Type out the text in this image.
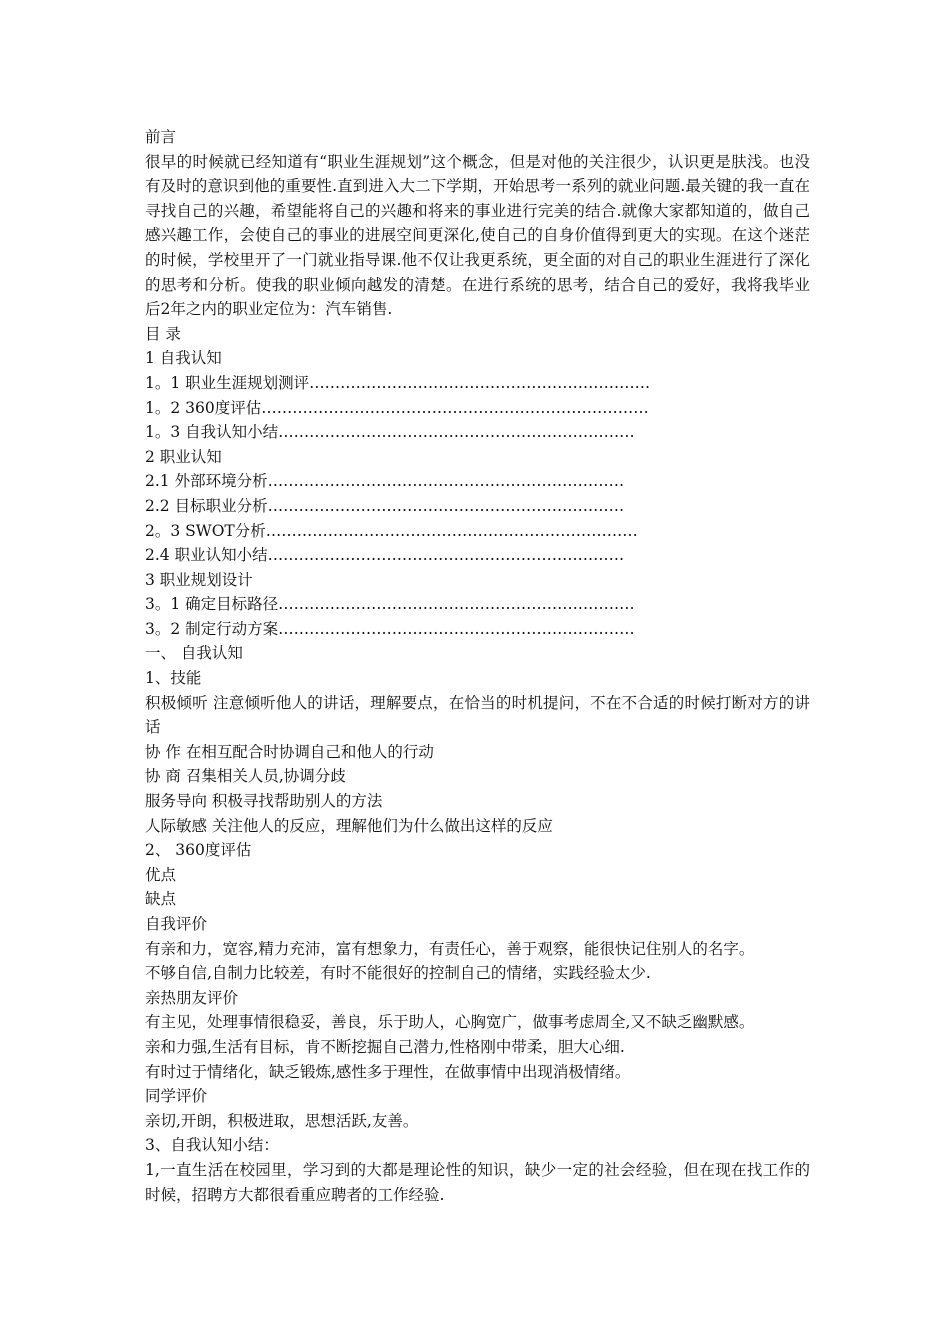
前言

很早的时候就已经知道有“职业生涯规划”这个概念，但是对他的关注很少，认识更是肤浅。也没有及时的意识到他的重要性.直到进入大二下学期，开始思考一系列的就业问题.最关键的我一直在寻找自己的兴趣，希望能将自己的兴趣和将来的事业进行完美的结合.就像大家都知道的，做自己感兴趣工作，会使自己的事业的进展空间更深化,使自己的自身价值得到更大的实现。在这个迷茫的时候，学校里开了一门就业指导课.他不仅让我更系统，更全面的对自己的职业生涯进行了深化的思考和分析。使我的职业倾向越发的清楚。在进行系统的思考，结合自己的爱好，我将我毕业后2年之内的职业定位为：汽车销售.

目 录

1 自我认知

1。1 职业生涯规划测评…………………………………………………………

1。2 360度评估…………………………………………………………………

1。3 自我认知小结……………………………………………………………

2 职业认知

2.1 外部环境分析……………………………………………………………

2.2 目标职业分析……………………………………………………………

2。3 SWOT分析………………………………………………………………

2.4 职业认知小结……………………………………………………………

3 职业规划设计

3。1 确定目标路径……………………………………………………………

3。2 制定行动方案……………………………………………………………

一、 自我认知

1、技能

积极倾听 注意倾听他人的讲话，理解要点，在恰当的时机提问，不在不合适的时候打断对方的讲话

协 作 在相互配合时协调自己和他人的行动

协 商 召集相关人员,协调分歧

服务导向 积极寻找帮助别人的方法

人际敏感 关注他人的反应，理解他们为什么做出这样的反应

2、 360度评估

优点

缺点

自我评价

有亲和力，宽容,精力充沛，富有想象力，有责任心，善于观察，能很快记住别人的名字。

不够自信,自制力比较差，有时不能很好的控制自己的情绪，实践经验太少.

亲热朋友评价

有主见，处理事情很稳妥，善良，乐于助人，心胸宽广，做事考虑周全,又不缺乏幽默感。

亲和力强,生活有目标，肯不断挖掘自己潜力,性格刚中带柔，胆大心细.

有时过于情绪化，缺乏锻炼,感性多于理性，在做事情中出现消极情绪。

同学评价

亲切,开朗，积极进取，思想活跃,友善。

3、自我认知小结：

1,一直生活在校园里，学习到的大都是理论性的知识，缺少一定的社会经验，但在现在找工作的时候，招聘方大都很看重应聘者的工作经验.
